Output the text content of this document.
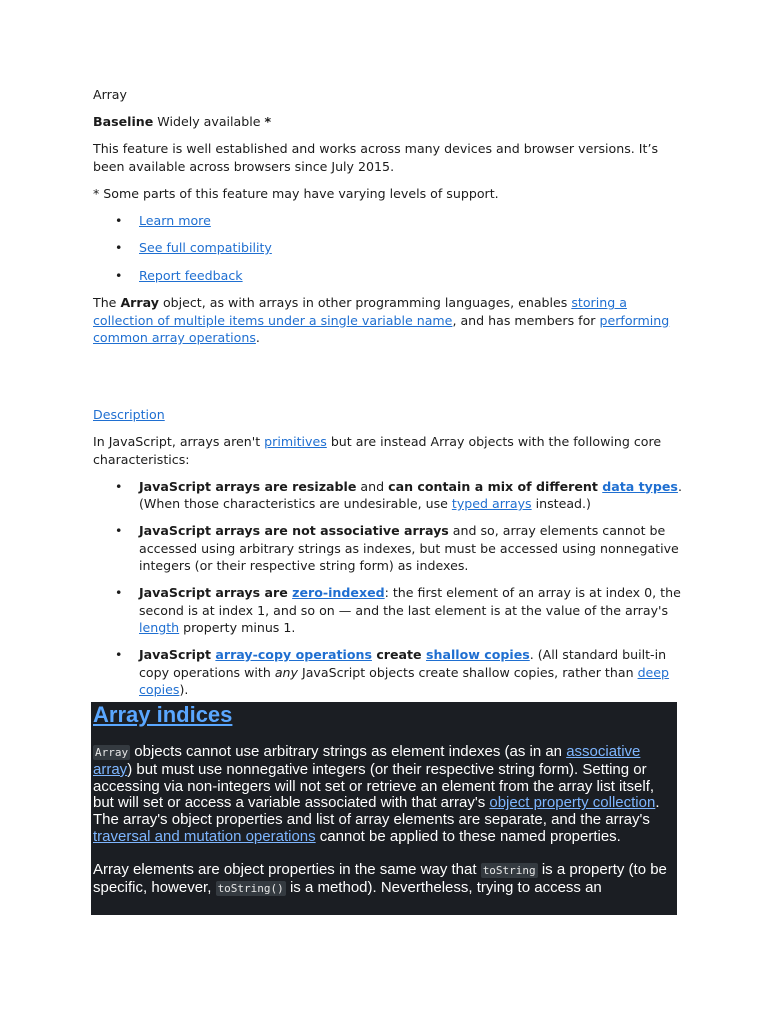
Array

Baseline Widely available *

This feature is well established and works across many devices and browser versions. It’s been available across browsers since July 2015.

* Some parts of this feature may have varying levels of support.

• Learn more
• See full compatibility
• Report feedback

The Array object, as with arrays in other programming languages, enables storing a collection of multiple items under a single variable name, and has members for performing common array operations.

Description

In JavaScript, arrays aren't primitives but are instead Array objects with the following core characteristics:

• JavaScript arrays are resizable and can contain a mix of different data types. (When those characteristics are undesirable, use typed arrays instead.)
• JavaScript arrays are not associative arrays and so, array elements cannot be accessed using arbitrary strings as indexes, but must be accessed using nonnegative integers (or their respective string form) as indexes.
• JavaScript arrays are zero-indexed: the first element of an array is at index 0, the second is at index 1, and so on — and the last element is at the value of the array's length property minus 1.
• JavaScript array-copy operations create shallow copies. (All standard built-in copy operations with any JavaScript objects create shallow copies, rather than deep copies).
Array indices

Array objects cannot use arbitrary strings as element indexes (as in an associative array) but must use nonnegative integers (or their respective string form). Setting or accessing via non-integers will not set or retrieve an element from the array list itself, but will set or access a variable associated with that array's object property collection. The array's object properties and list of array elements are separate, and the array's traversal and mutation operations cannot be applied to these named properties.

Array elements are object properties in the same way that toString is a property (to be specific, however, toString() is a method). Nevertheless, trying to access an
